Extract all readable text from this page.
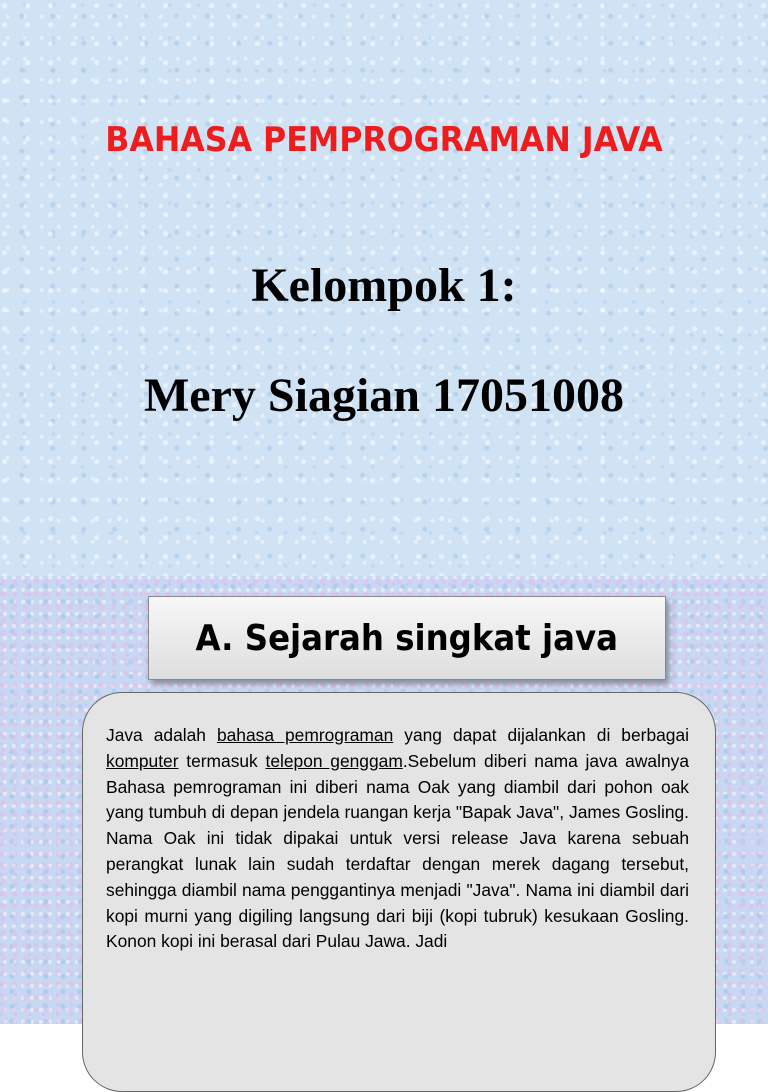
BAHASA PEMPROGRAMAN JAVA
Kelompok 1:
Mery Siagian 17051008
A. Sejarah singkat java

Java adalah bahasa pemrograman yang dapat dijalankan di berbagai komputer termasuk telepon genggam.Sebelum diberi nama java awalnya Bahasa pemrograman ini diberi nama Oak yang diambil dari pohon oak yang tumbuh di depan jendela ruangan kerja "Bapak Java", James Gosling. Nama Oak ini tidak dipakai untuk versi release Java karena sebuah perangkat lunak lain sudah terdaftar dengan merek dagang tersebut, sehingga diambil nama penggantinya menjadi "Java". Nama ini diambil dari kopi murni yang digiling langsung dari biji (kopi tubruk) kesukaan Gosling. Konon kopi ini berasal dari Pulau Jawa. Jadi
